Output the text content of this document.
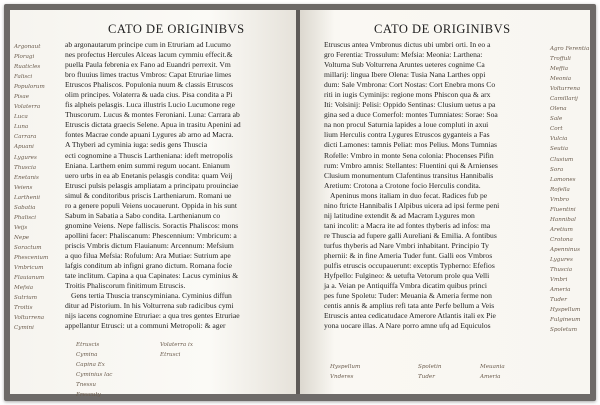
CATO DE ORIGINIBVS
Argonaut
Ploragi
Ruaticles
Falisci
Populorum
Pisae
Volaterra
Luca
Luna
Carrara
Apuani
Lygures
Thuscia
Enetanis
Veiens
Larthenii
Sabatia
Phalisci
Veijs
Nepe
Soractum
Phescenium
Vmbricum
Flauianum
Mefsia
Sutrium
Troitis
Volturrena
Cymini
ab argonautarum principe cum in Etruriam ad Lucumo
nes profectus Hercules Alceas lacum cymmiu effecit.&
puella Paula febrenia ex Fano ad Euandri perrexit. Vm
bro fluuius limes tractus Vmbros: Capat Etruriae limes
Etruscos Phaliscos. Populonia nuum & classis Etruscos
olim principes. Volaterra & uada cius. Pisa condita a Pi
fis alpheis pelasgis. Luca illustris Lucio Lucumone rege
Thuscorum. Lucus & montes Feroniani. Luna: Carrara ab
Etruscis dictata graecis Selene. Apua in trasitu Apenini ad
fontes Macrae conde apuani Lygures ab arno ad Macra.
A Thyberi ad cyminia iuga: sedis gens Thuscia
ecti cognomine a Thuscis Lartheniana: ideft metropolis
Eniana. Larthem enim summi regum uocant. Enianum
uero urbs in ea ab Enetanis pelasgis condita: quam Veij
Etrusci pulsis pelasgis ampliatam a principatu prouinciae
simul & conditoribus priscis Lartheniarum. Romani ue
ro a genere populi Veiens uocauerunt. Oppida in his sunt
Sabum in Sabatia a Sabo condita. Larthenianum co
gnomine Veiens. Nepe falliscis. Soractis Phaliscos: mons
apollini facer: Phaliscanum: Phescennium: Vmbricum: a
priscis Vmbris dictum Flauianum: Arcennum: Mefsium
a quo filua Mefsia: Rofulum: Ara Mutiae: Sutrium ape
lafgis conditum ab infigni grano dictum. Romana focie
tate inclitum. Capina a qua Capinates: Lacus cyminius &
Troitis Phaliscorum finitimum Etruscis.
Gens tertia Thuscia transcyminiana. Cyminius diffun
ditur ad Pistorium. In his Volturrena sub radicibus cymi
nijs iacens cognomine Etruriae: a qua tres gentes Etruriae
appellantur Etrusci: ut a communi Metropoli: & ager
Etruscis
Cymina
Capina Ex
Cyminius lac
Tnessu
Frescuty
Volaterra ix
Etrusci
CATO DE ORIGINIBVS
Etruscus antea Vmbronus dictus ubi umbri orti. In eo a
gro Ferentia: Trossulum: Mefsia: Meonia: Larthena:
Volturna Sub Volturrena Aruntes ueteres cognime Ca
millarij: lingua Ibere Olena: Tusia Nana Larthes oppi
dum: Sale Vmbrona: Cort Nostas: Cort Enebra mons Co
riti in iugis Cyminijs: regione mons Phiscon qua & arx
Iti: Volsinij: Pelisi: Oppido Sentinas: Clusium uetus a pa
gina sed a duce Comerfol: montes Tumniates: Sorae: Soa
na non procul Saturnia lapides a loue compluti in axui
lium Herculis contra Lygures Etruscos gyganteis a Fas
dicti Lamones: tamnis Peliat: mos Pelius. Mons Tumnias
Rofelle: Vmbro in monte Sena colonia: Phocenses Pifin
rum: Vmbro amnis: Stellantes: Fluentini qui & Arnienses
Clusium monumentum Clafentinus transitus Hannibalis
Aretium: Crotona a Crotone focio Herculis condita.
Apeninus mons italiam in duo fecat. Radices fub pe
nino ftricte Hannibalis I Alpibus uicera ad ipsi ferme peni
nij latitudine extendit & ad Macram Lygures mon
tani incolit: a Macra ite ad fontes thyberis ad infos: ma
re Thuscia ad fupere galli Aureliani & Emilia. A fontibus
turfus thyberis ad Nare Vmbri inhabitant. Principio Ty
phernii: & in fine Ameria Tuder funt. Galli eos Vmbros
pulfis etruscis occupauerunt: exceptis Typherno: Efefios
Hyfpello: Fulgineo: & uetufta Vetorum prole qua Velli
ja a. Veian pe Antiquiffa Vmbra dicatim quibus princi
pes fune Spoletu: Tuder: Meuania & Ameria ferme non
centis annis & amplius refi tata ante Perfe bellum a Veis
Etruscis antea cedicatudace Amerore Atlantis itali ex Pie
yona uocare illas. A Nare porro amne ufq ad Equiculos
Agro Ferentia
Troffuli
Meffia
Meonia
Volturrena
Camillarij
Olena
Sale
Cort
Vulcia
Seutia
Clusium
Sora
Lamones
Rofella
Vmbro
Fluentini
Hannibal
Aretium
Crotona
Apenninus
Lygures
Thuscia
Vmbri
Ameria
Tuder
Hyspellum
Fulgineum
Spoletum
Hyspellum
Vnderes
Spoletin
Tuder
Meuania
Ameria
